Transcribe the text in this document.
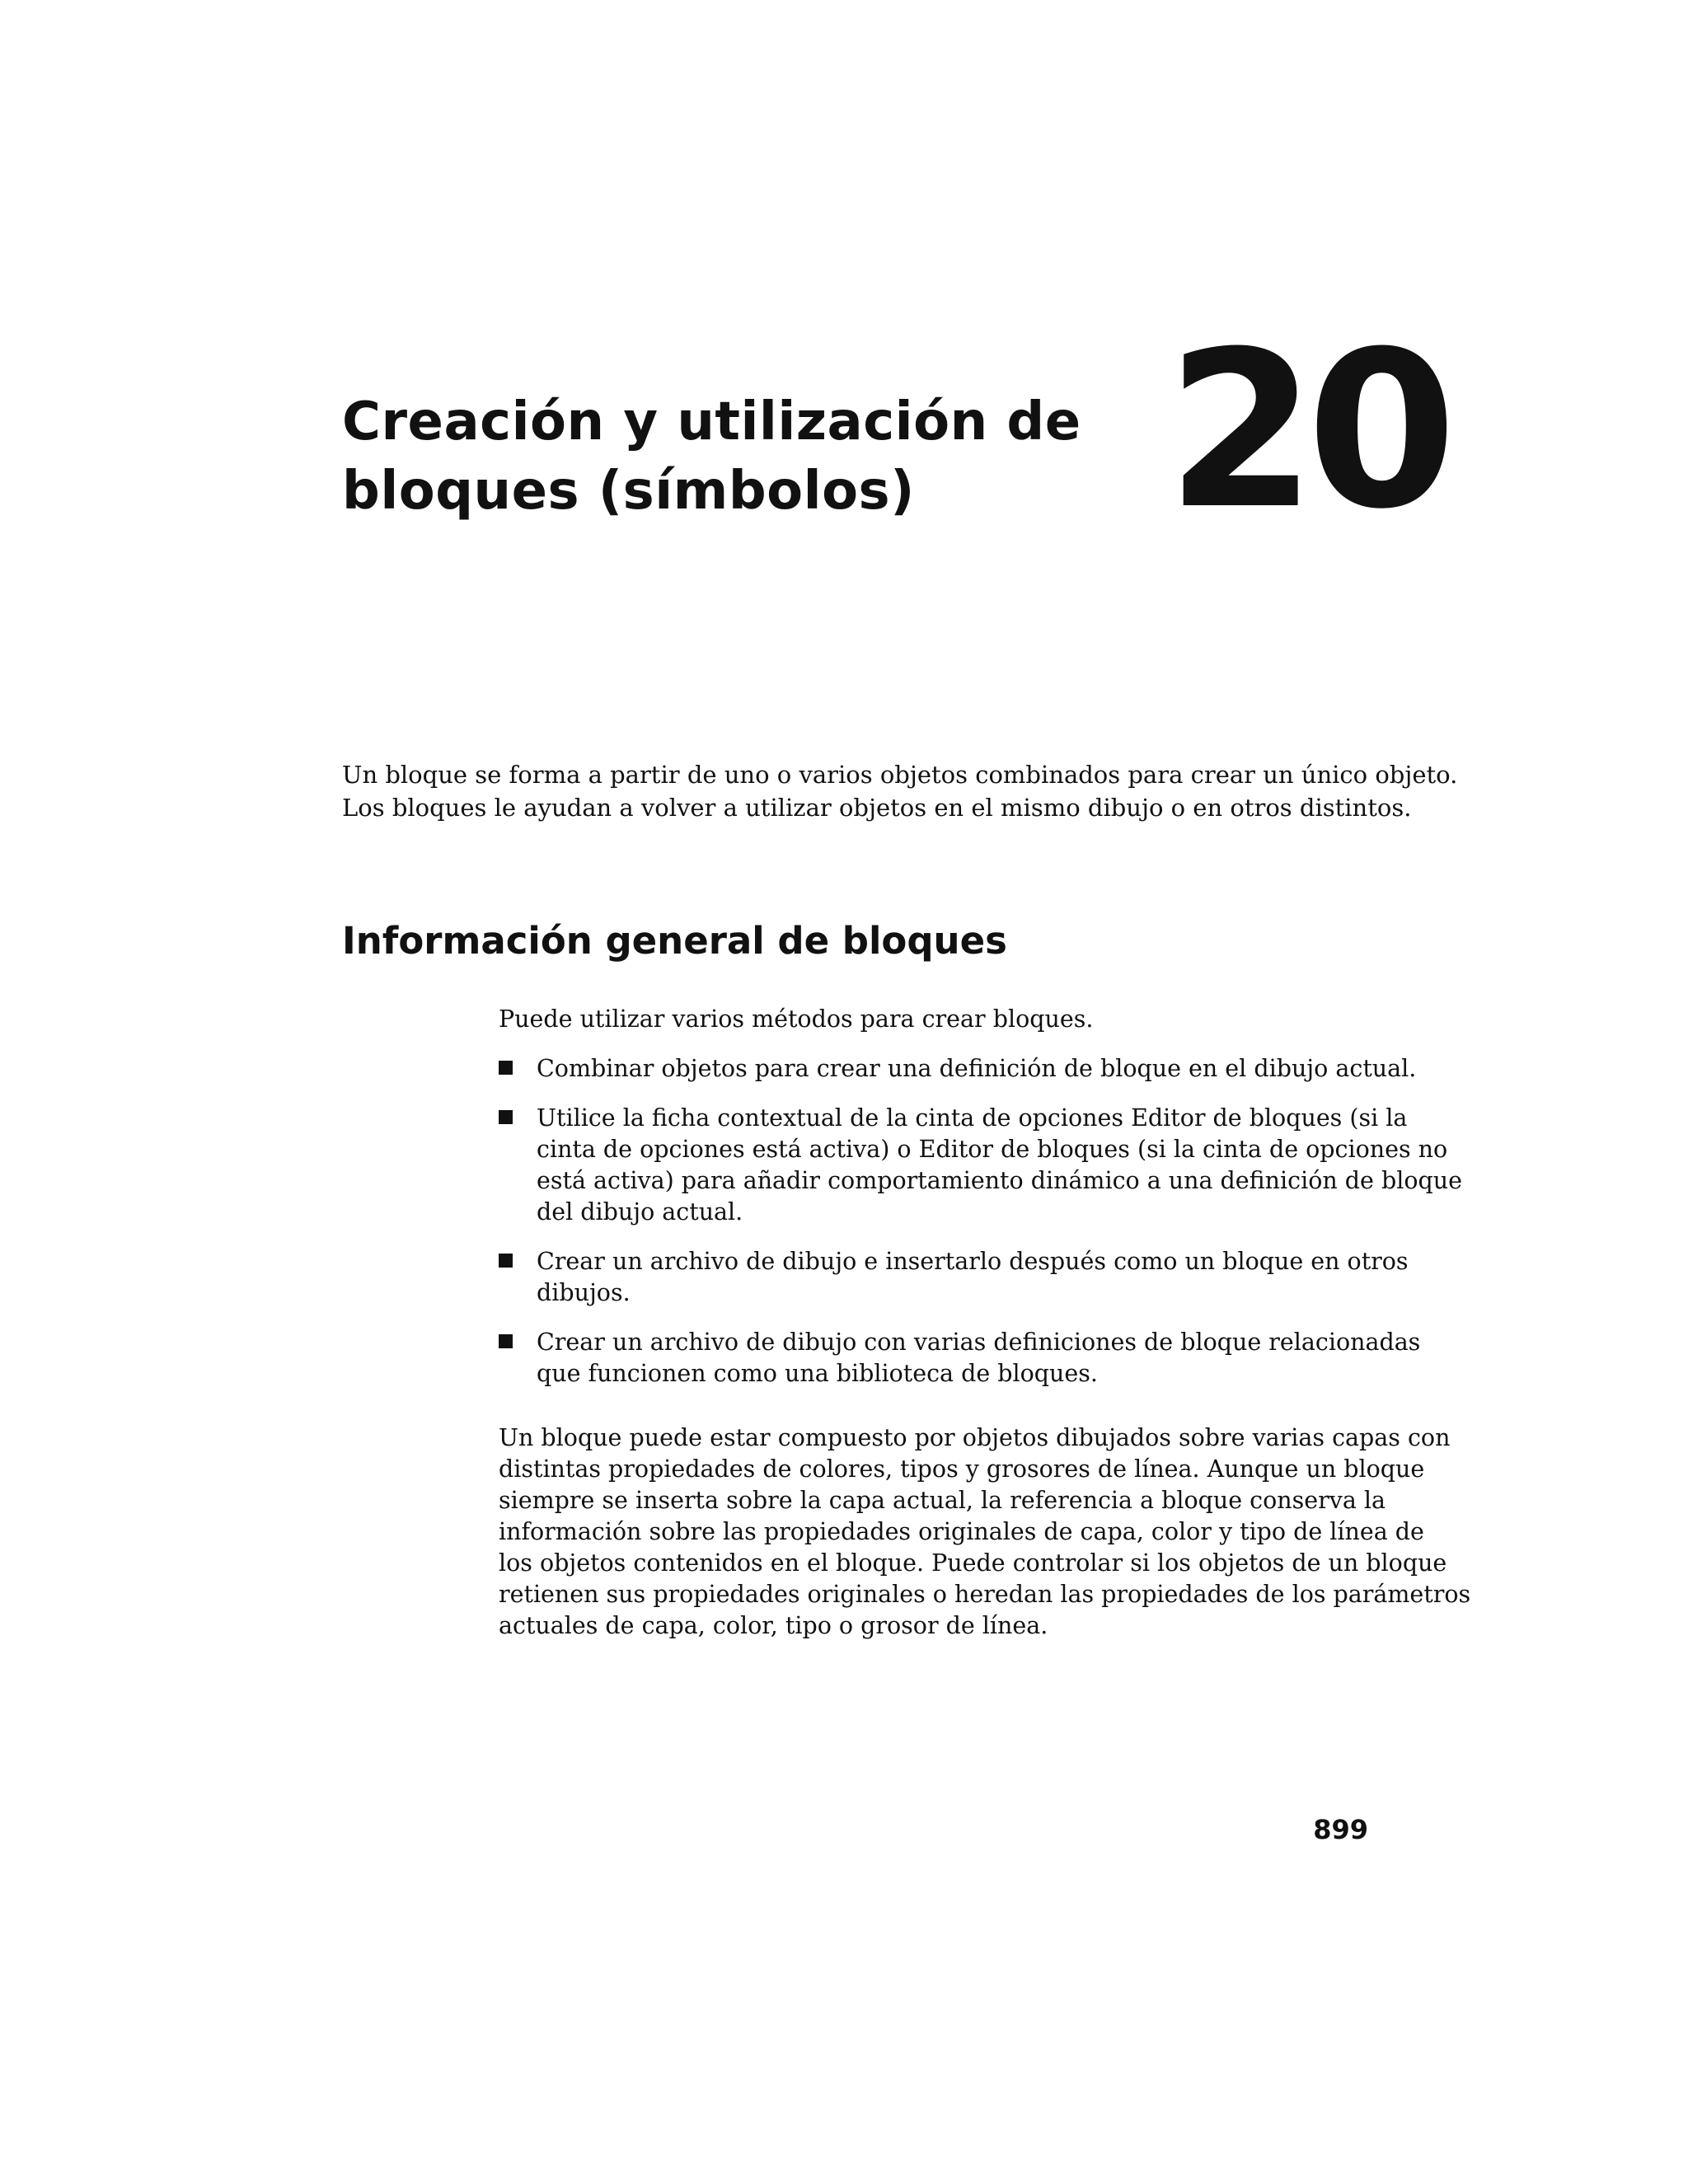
Creación y utilización de
bloques (símbolos)	20

Un bloque se forma a partir de uno o varios objetos combinados para crear un único objeto.
Los bloques le ayudan a volver a utilizar objetos en el mismo dibujo o en otros distintos.

Información general de bloques

Puede utilizar varios métodos para crear bloques.

Combinar objetos para crear una definición de bloque en el dibujo actual.
Utilice la ficha contextual de la cinta de opciones Editor de bloques (si la
cinta de opciones está activa) o Editor de bloques (si la cinta de opciones no
está activa) para añadir comportamiento dinámico a una definición de bloque
del dibujo actual.
Crear un archivo de dibujo e insertarlo después como un bloque en otros
dibujos.
Crear un archivo de dibujo con varias definiciones de bloque relacionadas
que funcionen como una biblioteca de bloques.

Un bloque puede estar compuesto por objetos dibujados sobre varias capas con
distintas propiedades de colores, tipos y grosores de línea. Aunque un bloque
siempre se inserta sobre la capa actual, la referencia a bloque conserva la
información sobre las propiedades originales de capa, color y tipo de línea de
los objetos contenidos en el bloque. Puede controlar si los objetos de un bloque
retienen sus propiedades originales o heredan las propiedades de los parámetros
actuales de capa, color, tipo o grosor de línea.

899
